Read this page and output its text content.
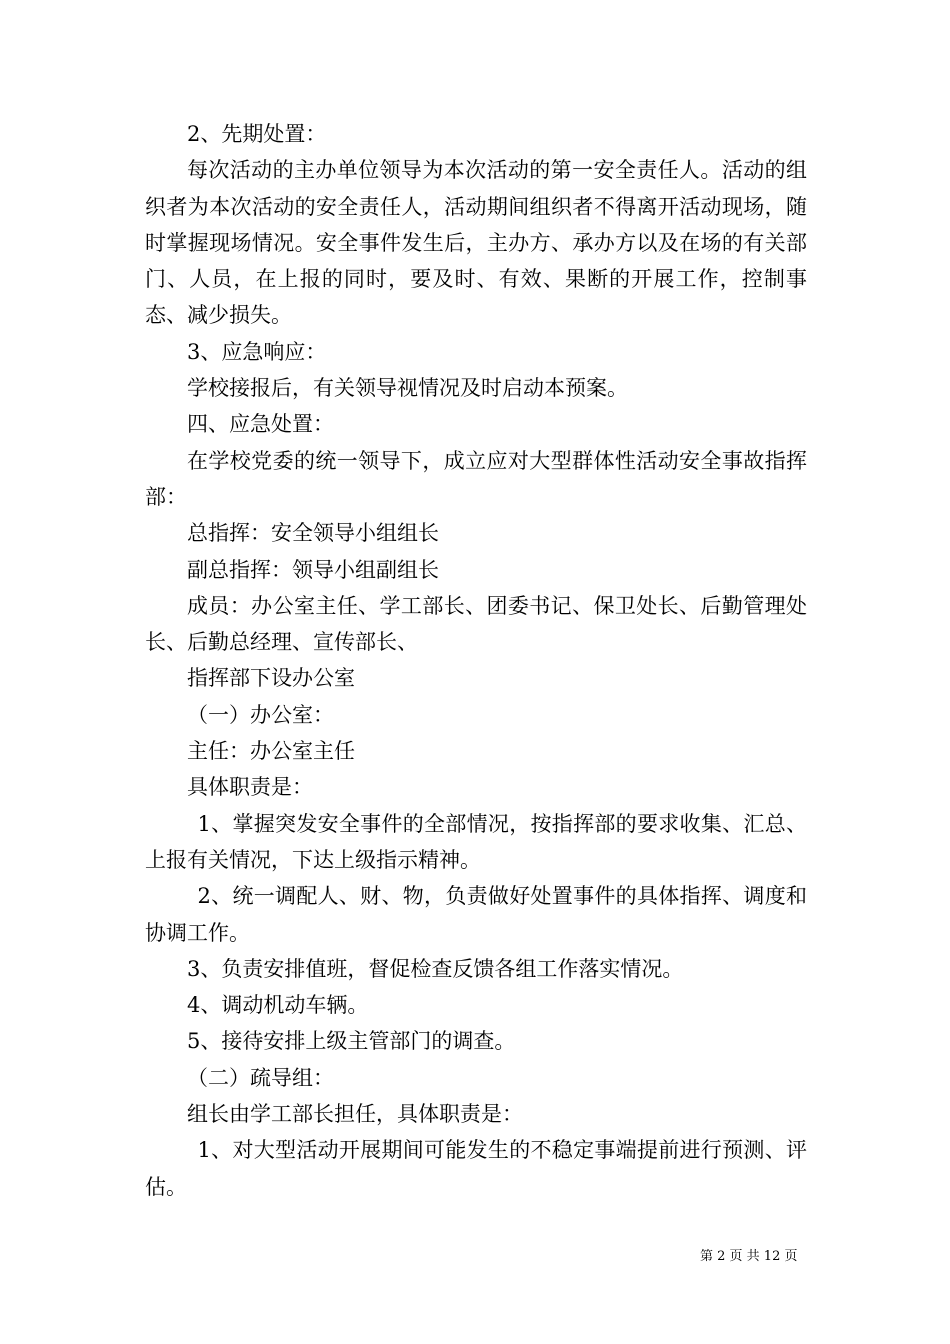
2、先期处置：

每次活动的主办单位领导为本次活动的第一安全责任人。活动的组织者为本次活动的安全责任人，活动期间组织者不得离开活动现场，随时掌握现场情况。安全事件发生后，主办方、承办方以及在场的有关部门、人员，在上报的同时，要及时、有效、果断的开展工作，控制事态、减少损失。

3、应急响应：

学校接报后，有关领导视情况及时启动本预案。

四、应急处置：

在学校党委的统一领导下，成立应对大型群体性活动安全事故指挥部：

总指挥：安全领导小组组长

副总指挥：领导小组副组长

成员：办公室主任、学工部长、团委书记、保卫处长、后勤管理处长、后勤总经理、宣传部长、

指挥部下设办公室

（一）办公室：

主任：办公室主任

具体职责是：

1、掌握突发安全事件的全部情况，按指挥部的要求收集、汇总、上报有关情况，下达上级指示精神。

2、统一调配人、财、物，负责做好处置事件的具体指挥、调度和协调工作。

3、负责安排值班，督促检查反馈各组工作落实情况。

4、调动机动车辆。

5、接待安排上级主管部门的调查。

（二）疏导组：

组长由学工部长担任，具体职责是：

1、对大型活动开展期间可能发生的不稳定事端提前进行预测、评估。

第 2 页 共 12 页
